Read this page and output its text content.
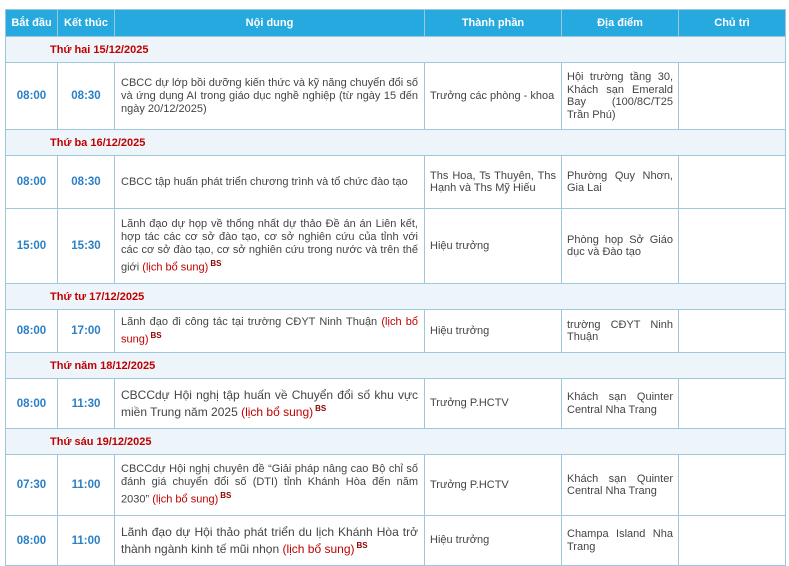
Bắt đầu	Kết thúc	Nội dung	Thành phần	Địa điểm	Chủ trì
Thứ hai 15/12/2025					
08:00	08:30	CBCC dự lớp bồi dưỡng kiến thức và kỹ năng chuyển đổi số và ứng dụng AI trong giáo dục nghề nghiệp (từ ngày 15 đến ngày 20/12/2025)	Trưởng các phòng - khoa	Hội trường tầng 30, Khách sạn Emerald Bay (100/8C/T25 Trần Phú)	
Thứ ba 16/12/2025					
08:00	08:30	CBCC tập huấn phát triển chương trình và tổ chức đào tạo	Ths Hoa, Ts Thuyên, Ths Hạnh và Ths Mỹ Hiếu	Phường Quy Nhơn, Gia Lai	
15:00	15:30	Lãnh đạo dự họp về thống nhất dự thảo Đề án án Liên kết, hợp tác các cơ sở đào tạo, cơ sở nghiên cứu của tỉnh với các cơ sở đào tạo, cơ sở nghiên cứu trong nước và trên thế giới (lịch bổ sung) $^{BS}$	Hiệu trưởng	Phòng họp Sở Giáo dục và Đào tạo	
Thứ tư 17/12/2025					
08:00	17:00	Lãnh đạo đi công tác tại trường CĐYT Ninh Thuận (lịch bổ sung) $^{BS}$	Hiệu trưởng	trường CĐYT Ninh Thuận	
Thứ năm 18/12/2025					
08:00	11:30	CBCCdự Hội nghị tập huấn về Chuyển đổi số khu vực miền Trung năm 2025 (lịch bổ sung) $^{BS}$	Trưởng P.HCTV	Khách sạn Quinter Central Nha Trang	
Thứ sáu 19/12/2025					
07:30	11:00	CBCCdự Hội nghị chuyên đề “Giải pháp nâng cao Bộ chỉ số đánh giá chuyển đổi số (DTI) tỉnh Khánh Hòa đến năm 2030” (lịch bổ sung) $^{BS}$	Trưởng P.HCTV	Khách sạn Quinter Central Nha Trang	
08:00	11:00	Lãnh đạo dự Hội thảo phát triển du lịch Khánh Hòa trở thành ngành kinh tế mũi nhọn (lịch bổ sung) $^{BS}$	Hiệu trưởng	Champa Island Nha Trang	
